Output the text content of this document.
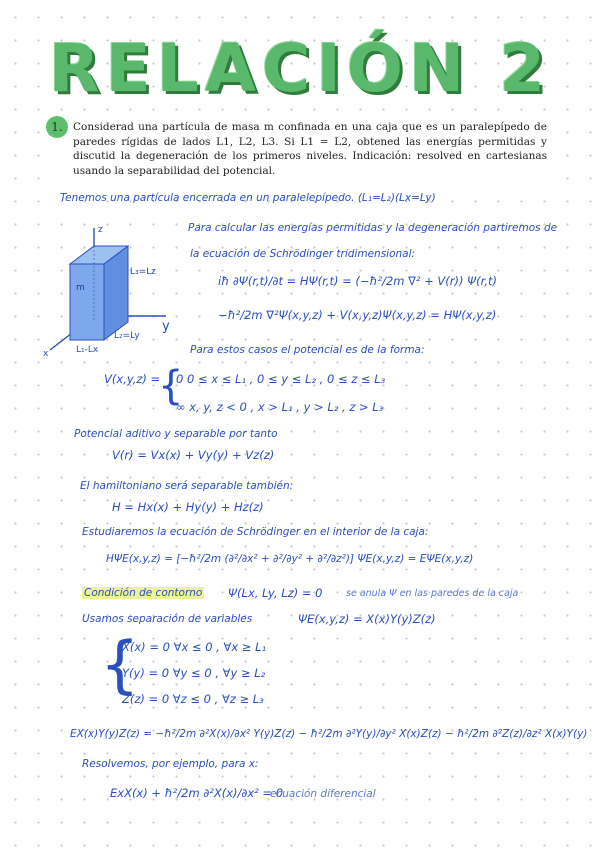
RELACIÓN 2
1. Considerad una partícula de masa m confinada en una caja que es un paralepípedo de paredes rígidas de lados L1, L2, L3. Si L1 = L2, obtened las energías permitidas y discutid la degeneración de los primeros niveles. Indicación: resolved en cartesianas usando la separabilidad del potencial.

Tenemos una partícula encerrada en un paralelepípedo. (L₁=L₂)(Lx=Ly)

z
y
x
m
L₃=Lz
L₂=Ly
L₁-Lx

Para calcular las energías permitidas y la degeneración partiremos de

la ecuación de Schrödinger tridimensional:

iħ ∂Ψ(r,t)/∂t = HΨ(r,t) = (−ħ²/2m ∇² + V(r)) Ψ(r,t)

−ħ²/2m ∇²Ψ(x,y,z) + V(x,y,z)Ψ(x,y,z) = HΨ(x,y,z)

Para estos casos el potencial es de la forma:

V(x,y,z) =

{

0 0 ≤ x ≤ L₁ , 0 ≤ y ≤ L₂ , 0 ≤ z ≤ L₃

∞ x, y, z < 0 , x > L₁ , y > L₂ , z > L₃

Potencial aditivo y separable por tanto

V(r) = Vx(x) + Vy(y) + Vz(z)

El hamiltoniano será separable también:

H = Hx(x) + Hy(y) + Hz(z)

Estudiaremos la ecuación de Schrödinger en el interior de la caja:

HΨE(x,y,z) = [−ħ²/2m (∂²/∂x² + ∂²/∂y² + ∂²/∂z²)] ΨE(x,y,z) = EΨE(x,y,z)

Condición de contorno Ψ(Lx, Ly, Lz) = 0 se anula Ψ en las paredes de la caja

Usamos separación de variables	ΨE(x,y,z) = X(x)Y(y)Z(z)

{

X(x) = 0 ∀x ≤ 0 , ∀x ≥ L₁

Y(y) = 0 ∀y ≤ 0 , ∀y ≥ L₂

Z(z) = 0 ∀z ≤ 0 , ∀z ≥ L₃

EX(x)Y(y)Z(z) = −ħ²/2m ∂²X(x)/∂x² Y(y)Z(z) − ħ²/2m ∂²Y(y)/∂y² X(x)Z(z) − ħ²/2m ∂²Z(z)/∂z² X(x)Y(y)

Resolvemos, por ejemplo, para x:

ExX(x) + ħ²/2m ∂²X(x)/∂x² = 0

ecuación diferencial
